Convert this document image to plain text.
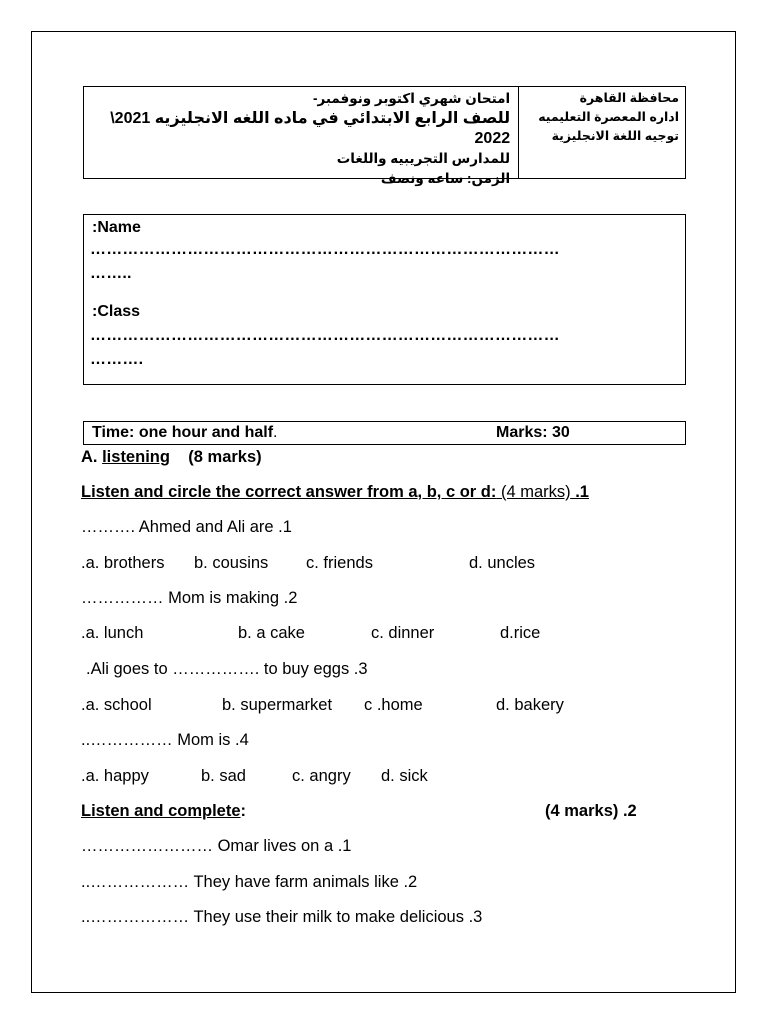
امتحان شهري اكتوبر ونوفمبر-
للصف الرابع الابتدائي في ماده اللغه الانجليزيه 2021\ 2022
للمدارس التجريبيه واللغات
الزمن: ساعه ونصف
محافظة القاهرة
اداره المعصرة التعليميه
توجيه اللغة الانجليزية
:Name
……………………………………………………………………………
……..
:Class
……………………………………………………………………………
……….
Time: one hour and half.	Marks: 30
A. listening (8 marks)
Listen and circle the correct answer from a, b, c or d: (4 marks) .1
………. Ahmed and Ali are .1
.a. brothers b. cousins c. friends	d. uncles
…………… Mom is making .2
.a. lunch	b. a cake	c. dinner	d.rice
.Ali goes to ……………. to buy eggs .3
.a. school	b. supermarket c .home	d. bakery
..…………… Mom is .4
.a. happy	b. sad	c. angry d. sick
Listen and complete:	(4 marks) .2
…………………… Omar lives on a .1
..……………… They have farm animals like .2
..……………… They use their milk to make delicious .3
